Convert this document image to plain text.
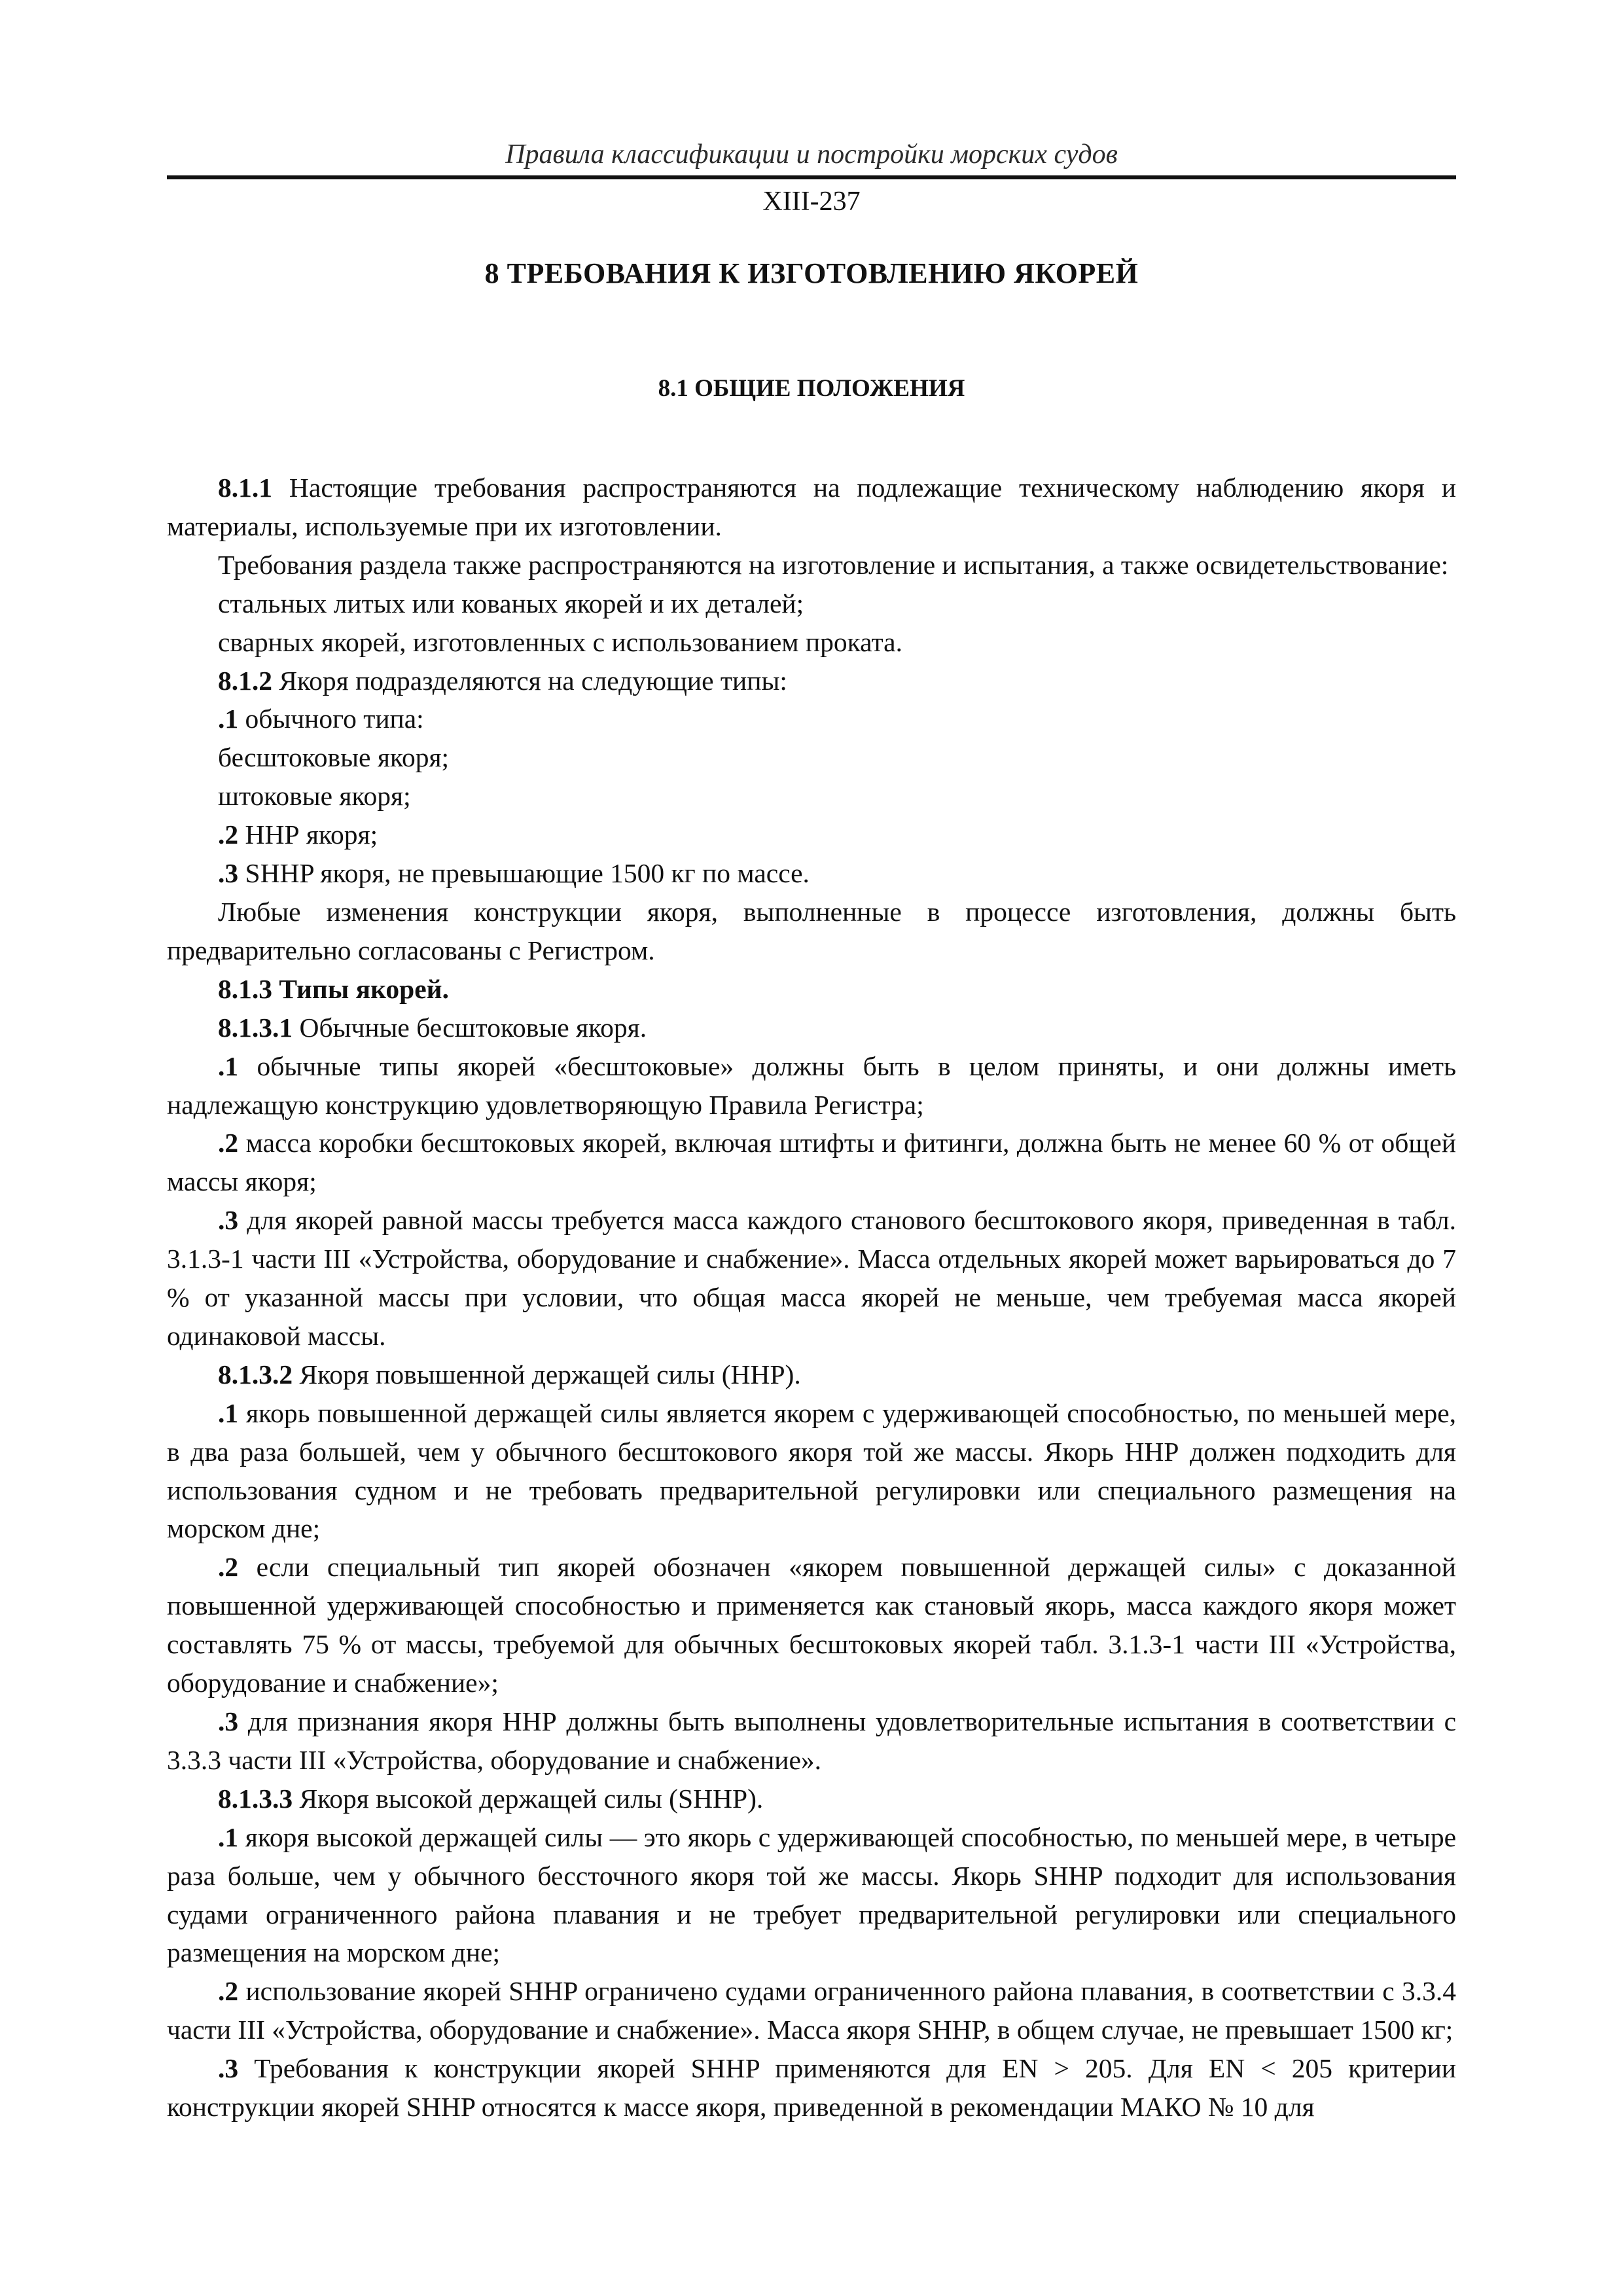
Правила классификации и постройки морских судов
XIII-237
8 ТРЕБОВАНИЯ К ИЗГОТОВЛЕНИЮ ЯКОРЕЙ
8.1 ОБЩИЕ ПОЛОЖЕНИЯ

8.1.1 Настоящие требования распространяются на подлежащие техническому наблюдению якоря и материалы, используемые при их изготовлении.

Требования раздела также распространяются на изготовление и испытания, а также освидетельствование:

стальных литых или кованых якорей и их деталей;

сварных якорей, изготовленных с использованием проката.

8.1.2 Якоря подразделяются на следующие типы:

.1 обычного типа:

бесштоковые якоря;

штоковые якоря;

.2 ННР якоря;

.3 SHHP якоря, не превышающие 1500 кг по массе.

Любые изменения конструкции якоря, выполненные в процессе изготовления, должны быть предварительно согласованы с Регистром.

8.1.3 Типы якорей.

8.1.3.1 Обычные бесштоковые якоря.

.1 обычные типы якорей «бесштоковые» должны быть в целом приняты, и они должны иметь надлежащую конструкцию удовлетворяющую Правила Регистра;

.2 масса коробки бесштоковых якорей, включая штифты и фитинги, должна быть не менее 60 % от общей массы якоря;

.3 для якорей равной массы требуется масса каждого станового бесштокового якоря, приведенная в табл. 3.1.3-1 части III «Устройства, оборудование и снабжение». Масса отдельных якорей может варьироваться до 7 % от указанной массы при условии, что общая масса якорей не меньше, чем требуемая масса якорей одинаковой массы.

8.1.3.2 Якоря повышенной держащей силы (ННР).

.1 якорь повышенной держащей силы является якорем с удерживающей способностью, по меньшей мере, в два раза большей, чем у обычного бесштокового якоря той же массы. Якорь ННР должен подходить для использования судном и не требовать предварительной регулировки или специального размещения на морском дне;

.2 если специальный тип якорей обозначен «якорем повышенной держащей силы» с доказанной повышенной удерживающей способностью и применяется как становый якорь, масса каждого якоря может составлять 75 % от массы, требуемой для обычных бесштоковых якорей табл. 3.1.3-1 части III «Устройства, оборудование и снабжение»;

.3 для признания якоря ННР должны быть выполнены удовлетворительные испытания в соответствии с 3.3.3 части III «Устройства, оборудование и снабжение».

8.1.3.3 Якоря высокой держащей силы (SHHP).

.1 якоря высокой держащей силы — это якорь с удерживающей способностью, по меньшей мере, в четыре раза больше, чем у обычного бессточного якоря той же массы. Якорь SHHP подходит для использования судами ограниченного района плавания и не требует предварительной регулировки или специального размещения на морском дне;

.2 использование якорей SHHP ограничено судами ограниченного района плавания, в соответствии с 3.3.4 части III «Устройства, оборудование и снабжение». Масса якоря SHHP, в общем случае, не превышает 1500 кг;

.3 Требования к конструкции якорей SHHP применяются для EN > 205. Для EN < 205 критерии конструкции якорей SHHP относятся к массе якоря, приведенной в рекомендации МАКО № 10 для
